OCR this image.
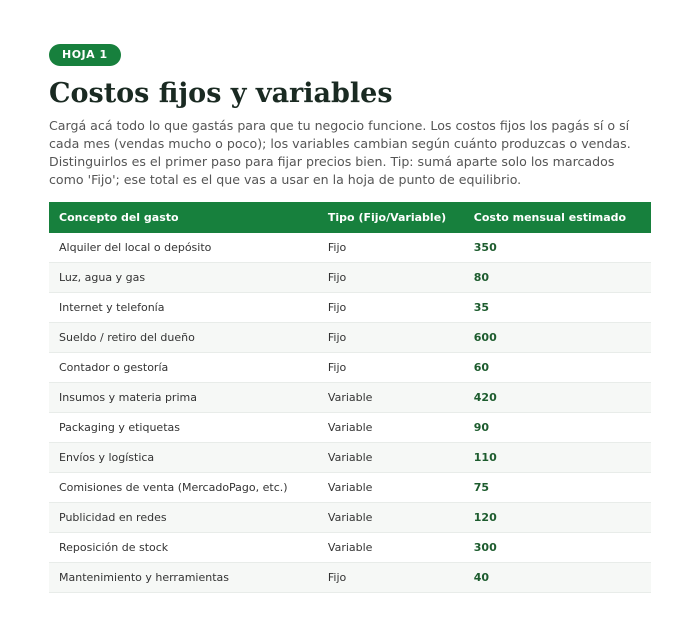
HOJA 1
Costos fijos y variables

Cargá acá todo lo que gastás para que tu negocio funcione. Los costos fijos los pagás sí o sí cada mes (vendas mucho o poco); los variables cambian según cuánto produzcas o vendas. Distinguirlos es el primer paso para fijar precios bien. Tip: sumá aparte solo los marcados como 'Fijo'; ese total es el que vas a usar en la hoja de punto de equilibrio.

Concepto del gasto	Tipo (Fijo/Variable)	Costo mensual estimado
Alquiler del local o depósito	Fijo	350
Luz, agua y gas	Fijo	80
Internet y telefonía	Fijo	35
Sueldo / retiro del dueño	Fijo	600
Contador o gestoría	Fijo	60
Insumos y materia prima	Variable	420
Packaging y etiquetas	Variable	90
Envíos y logística	Variable	110
Comisiones de venta (MercadoPago, etc.)	Variable	75
Publicidad en redes	Variable	120
Reposición de stock	Variable	300
Mantenimiento y herramientas	Fijo	40
